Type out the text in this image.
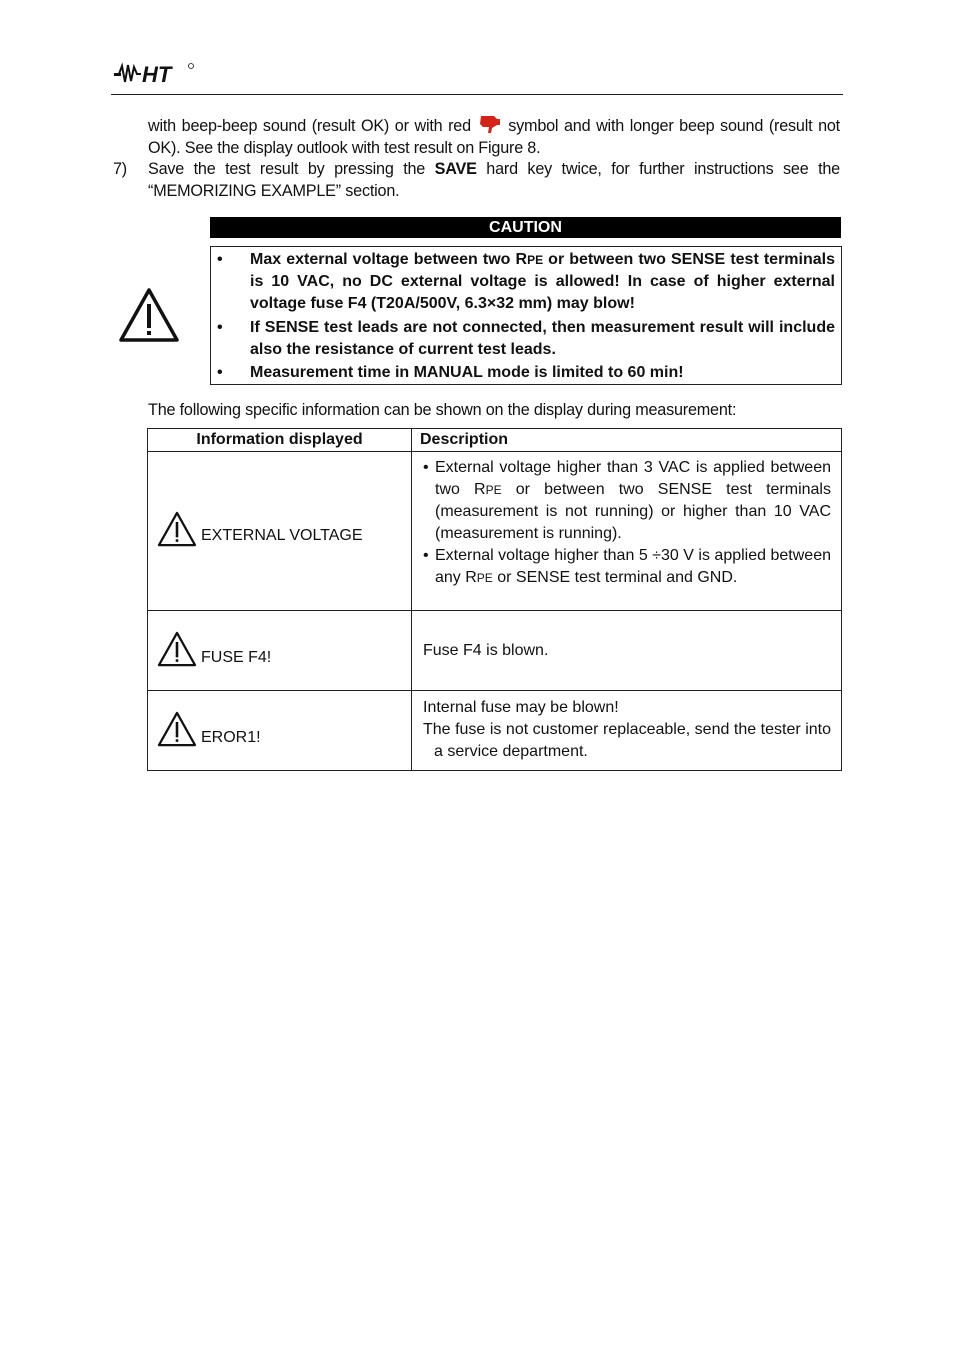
HT
with beep-beep sound (result OK) or with red symbol and with longer beep sound (result not OK). See the display outlook with test result on Figure 8.
7) Save the test result by pressing the SAVE hard key twice, for further instructions see the “MEMORIZING EXAMPLE” section.
CAUTION
• Max external voltage between two RPE or between two SENSE test terminals is 10 VAC, no DC external voltage is allowed! In case of higher external voltage fuse F4 (T20A/500V, 6.3×32 mm) may blow!
• If SENSE test leads are not connected, then measurement result will include also the resistance of current test leads.
• Measurement time in MANUAL mode is limited to 60 min!
The following specific information can be shown on the display during measurement:
Information displayed	Description

EXTERNAL VOLTAGE	• External voltage higher than 3 VAC is applied between two RPE or between two SENSE test terminals (measurement is not running) or higher than 10 VAC (measurement is running).
• External voltage higher than 5 ÷30 V is applied between any RPE or SENSE test terminal and GND.

FUSE F4!	Fuse F4 is blown.

EROR1!	Internal fuse may be blown!
The fuse is not customer replaceable, send the tester into a service department.
